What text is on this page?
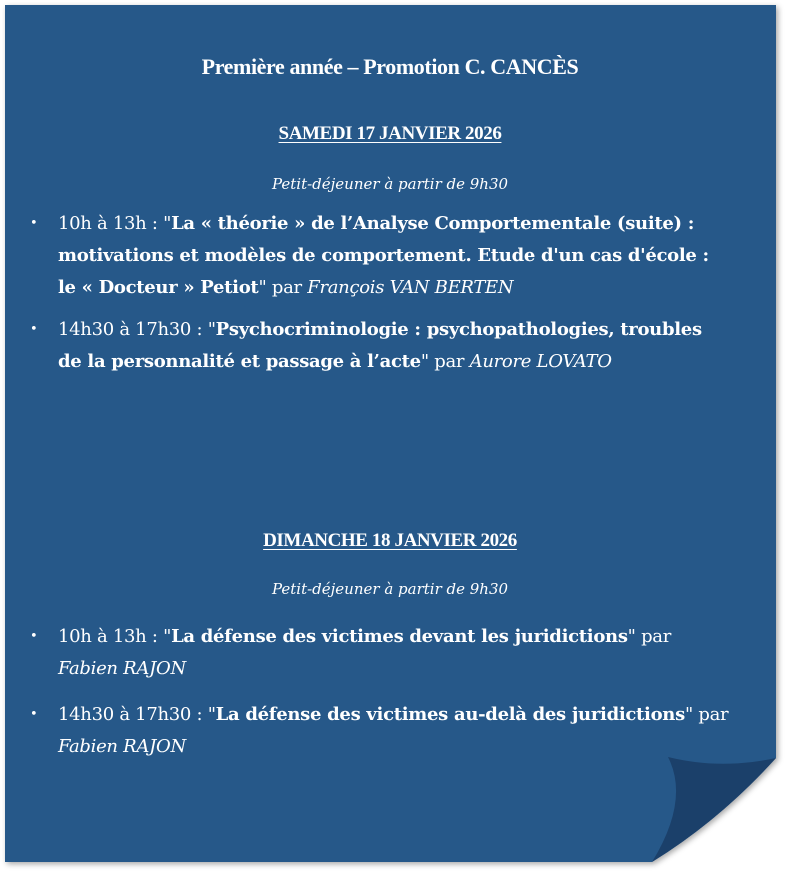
Première année – Promotion C. CANCÈS
SAMEDI 17 JANVIER 2026
Petit-déjeuner à partir de 9h30
• 10h à 13h : "La « théorie » de l’Analyse Comportementale (suite) : motivations et modèles de comportement. Etude d'un cas d'école : le « Docteur » Petiot" par François VAN BERTEN
• 14h30 à 17h30 : "Psychocriminologie : psychopathologies, troubles de la personnalité et passage à l’acte" par Aurore LOVATO
DIMANCHE 18 JANVIER 2026
Petit-déjeuner à partir de 9h30
• 10h à 13h : "La défense des victimes devant les juridictions" par Fabien RAJON
• 14h30 à 17h30 : "La défense des victimes au-delà des juridictions" par Fabien RAJON
